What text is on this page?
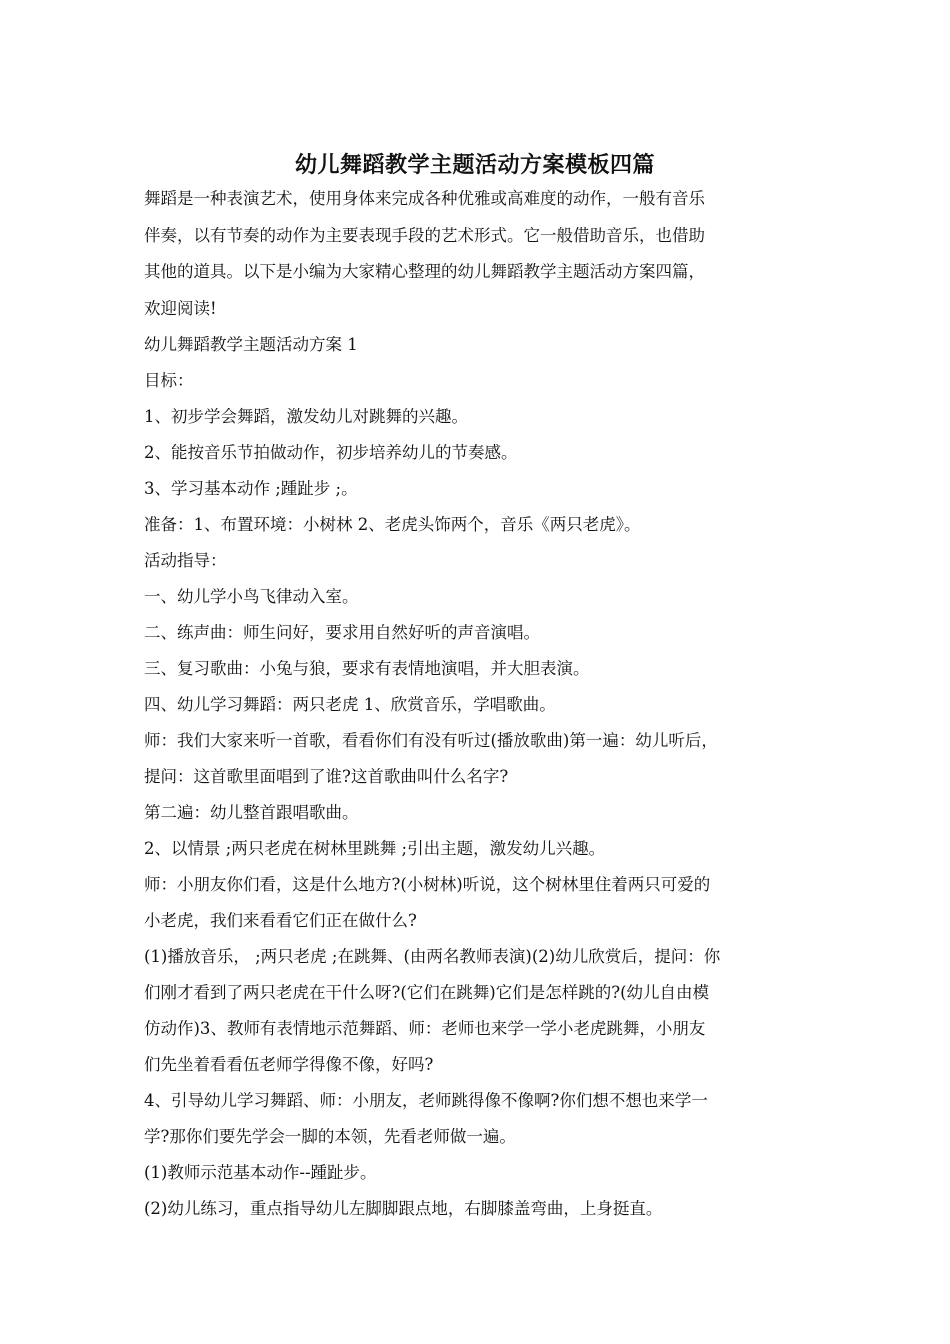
幼儿舞蹈教学主题活动方案模板四篇

舞蹈是一种表演艺术，使用身体来完成各种优雅或高难度的动作，一般有音乐
伴奏，以有节奏的动作为主要表现手段的艺术形式。它一般借助音乐，也借助
其他的道具。以下是小编为大家精心整理的幼儿舞蹈教学主题活动方案四篇，
欢迎阅读!

幼儿舞蹈教学主题活动方案 1
目标：
1、初步学会舞蹈，激发幼儿对跳舞的兴趣。
2、能按音乐节拍做动作，初步培养幼儿的节奏感。
3、学习基本动作 ;踵趾步 ;。
准备：1、布置环境：小树林 2、老虎头饰两个，音乐《两只老虎》。
活动指导：
一、幼儿学小鸟飞律动入室。
二、练声曲：师生问好，要求用自然好听的声音演唱。
三、复习歌曲：小兔与狼，要求有表情地演唱，并大胆表演。
四、幼儿学习舞蹈：两只老虎 1、欣赏音乐，学唱歌曲。
师：我们大家来听一首歌，看看你们有没有听过(播放歌曲)第一遍：幼儿听后，
提问：这首歌里面唱到了谁?这首歌曲叫什么名字?
第二遍：幼儿整首跟唱歌曲。
2、以情景 ;两只老虎在树林里跳舞 ;引出主题，激发幼儿兴趣。
师：小朋友你们看，这是什么地方?(小树林)听说，这个树林里住着两只可爱的
小老虎，我们来看看它们正在做什么?
(1)播放音乐， ;两只老虎 ;在跳舞、(由两名教师表演)(2)幼儿欣赏后，提问：你
们刚才看到了两只老虎在干什么呀?(它们在跳舞)它们是怎样跳的?(幼儿自由模
仿动作)3、教师有表情地示范舞蹈、师：老师也来学一学小老虎跳舞，小朋友
们先坐着看看伍老师学得像不像，好吗?
4、引导幼儿学习舞蹈、师：小朋友，老师跳得像不像啊?你们想不想也来学一
学?那你们要先学会一脚的本领，先看老师做一遍。
(1)教师示范基本动作--踵趾步。
(2)幼儿练习，重点指导幼儿左脚脚跟点地，右脚膝盖弯曲，上身挺直。
